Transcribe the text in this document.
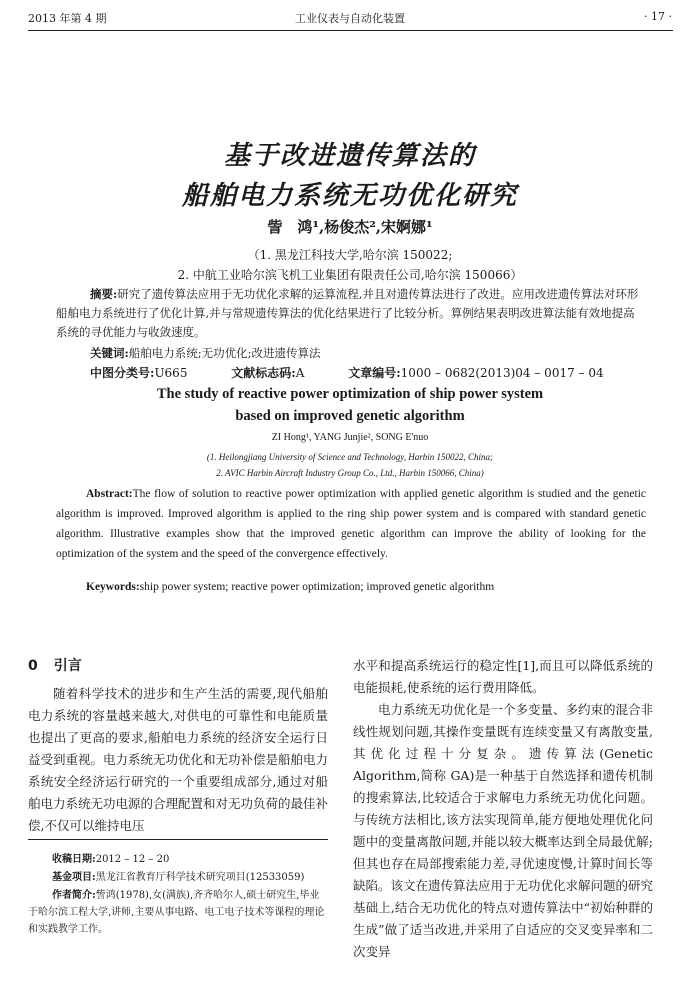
2013 年第 4 期	工业仪表与自动化装置	· 17 ·
基于改进遗传算法的
船舶电力系统无功优化研究
訾　鸿¹,杨俊杰²,宋婀娜¹
（1. 黑龙江科技大学,哈尔滨 150022;
2. 中航工业哈尔滨飞机工业集团有限责任公司,哈尔滨 150066）
摘要:研究了遗传算法应用于无功优化求解的运算流程,并且对遗传算法进行了改进。应用改进遗传算法对环形船舶电力系统进行了优化计算,并与常规遗传算法的优化结果进行了比较分析。算例结果表明改进算法能有效地提高系统的寻优能力与收敛速度。
关键词:船舶电力系统;无功优化;改进遗传算法
中图分类号:U665	文献标志码:A	文章编号:1000 – 0682(2013)04 – 0017 – 04
The study of reactive power optimization of ship power system
based on improved genetic algorithm
ZI Hong¹, YANG Junjie², SONG E'nuo
(1. Heilongjiang University of Science and Technology, Harbin 150022, China;
2. AVIC Harbin Aircraft Industry Group Co., Ltd., Harbin 150066, China)
Abstract:The flow of solution to reactive power optimization with applied genetic algorithm is studied and the genetic algorithm is improved. Improved algorithm is applied to the ring ship power system and is compared with standard genetic algorithm. Illustrative examples show that the improved genetic algorithm can improve the ability of looking for the optimization of the system and the speed of the convergence effectively.
Keywords:ship power system; reactive power optimization; improved genetic algorithm
0 引言

随着科学技术的进步和生产生活的需要,现代船舶电力系统的容量越来越大,对供电的可靠性和电能质量也提出了更高的要求,船舶电力系统的经济安全运行日益受到重视。电力系统无功优化和无功补偿是船舶电力系统安全经济运行研究的一个重要组成部分,通过对船舶电力系统无功电源的合理配置和对无功负荷的最佳补偿,不仅可以维持电压

收稿日期:2012 – 12 – 20
基金项目:黑龙江省教育厅科学技术研究项目(12533059)
作者简介:訾鸿(1978),女(满族),齐齐哈尔人,硕士研究生,毕业于哈尔滨工程大学,讲师,主要从事电路、电工电子技术等课程的理论和实践教学工作。

水平和提高系统运行的稳定性[1],而且可以降低系统的电能损耗,使系统的运行费用降低。

电力系统无功优化是一个多变量、多约束的混合非线性规划问题,其操作变量既有连续变量又有离散变量,其优化过程十分复杂。遗传算法(Genetic Algorithm,简称 GA)是一种基于自然选择和遗传机制的搜索算法,比较适合于求解电力系统无功优化问题。与传统方法相比,该方法实现简单,能方便地处理优化问题中的变量离散问题,并能以较大概率达到全局最优解;但其也存在局部搜索能力差,寻优速度慢,计算时间长等缺陷。该文在遗传算法应用于无功优化求解问题的研究基础上,结合无功优化的特点对遗传算法中“初始种群的生成”做了适当改进,并采用了自适应的交叉变异率和二次变异
